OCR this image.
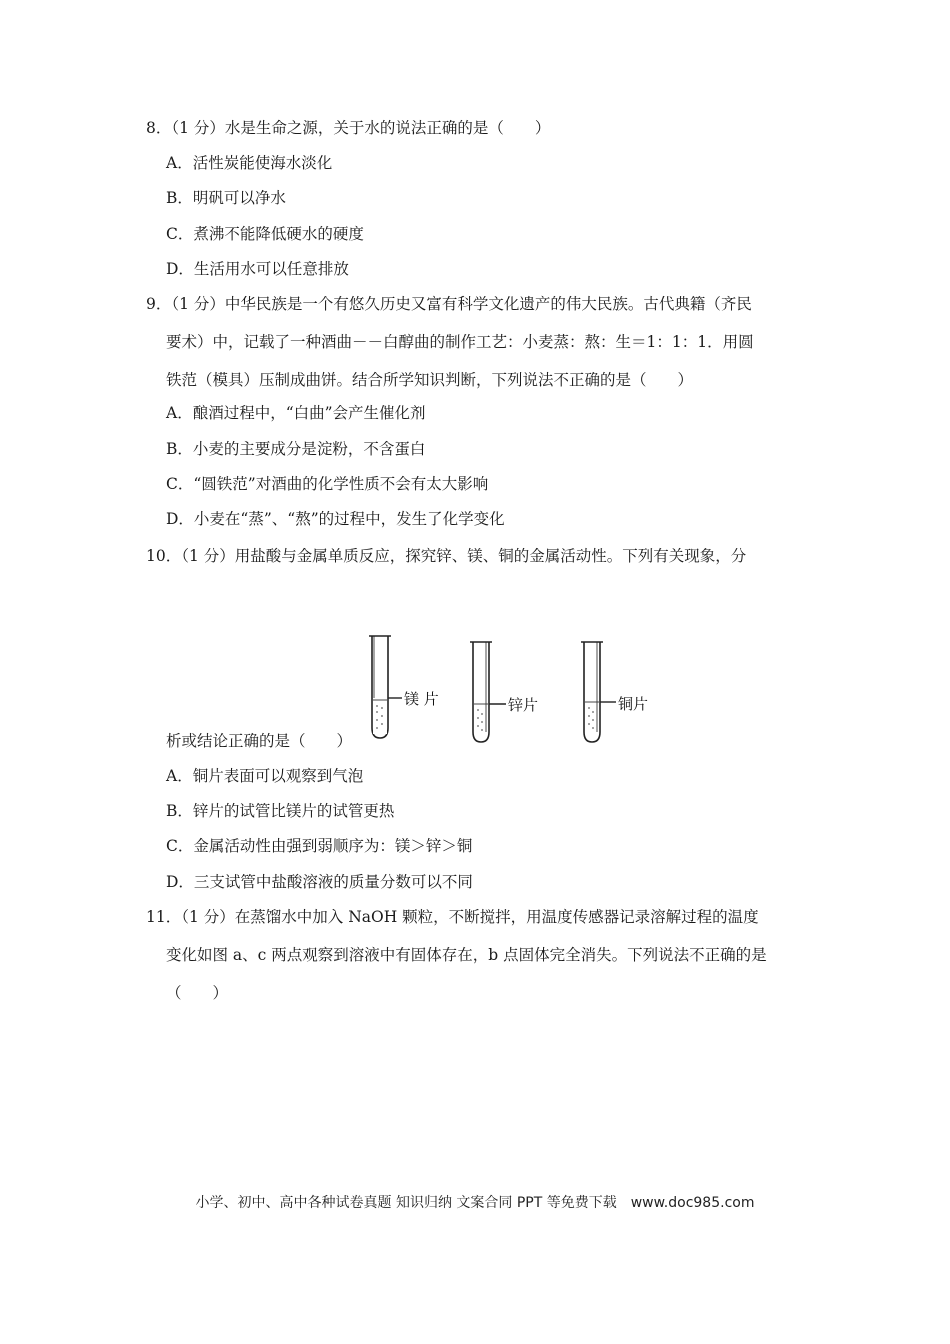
8．（1 分）水是生命之源，关于水的说法正确的是（　　）
A．活性炭能使海水淡化
B．明矾可以净水
C．煮沸不能降低硬水的硬度
D．生活用水可以任意排放
9．（1 分）中华民族是一个有悠久历史又富有科学文化遗产的伟大民族。古代典籍（齐民
要术）中，记载了一种酒曲－－白醇曲的制作工艺：小麦蒸：熬：生＝1：1：1．用圆
铁范（模具）压制成曲饼。结合所学知识判断，下列说法不正确的是（　　）
A．酿酒过程中，“白曲”会产生催化剂
B．小麦的主要成分是淀粉，不含蛋白
C．“圆铁范”对酒曲的化学性质不会有太大影响
D．小麦在“蒸”、“熬”的过程中，发生了化学变化
10．（1 分）用盐酸与金属单质反应，探究锌、镁、铜的金属活动性。下列有关现象，分
镁 片	锌片	铜片
析或结论正确的是（　　）
A．铜片表面可以观察到气泡
B．锌片的试管比镁片的试管更热
C．金属活动性由强到弱顺序为：镁＞锌＞铜
D．三支试管中盐酸溶液的质量分数可以不同
11．（1 分）在蒸馏水中加入 NaOH 颗粒，不断搅拌，用温度传感器记录溶解过程的温度
变化如图 a、c 两点观察到溶液中有固体存在，b 点固体完全消失。下列说法不正确的是
（　　）
小学、初中、高中各种试卷真题 知识归纳 文案合同 PPT 等免费下载　www.doc985.com
